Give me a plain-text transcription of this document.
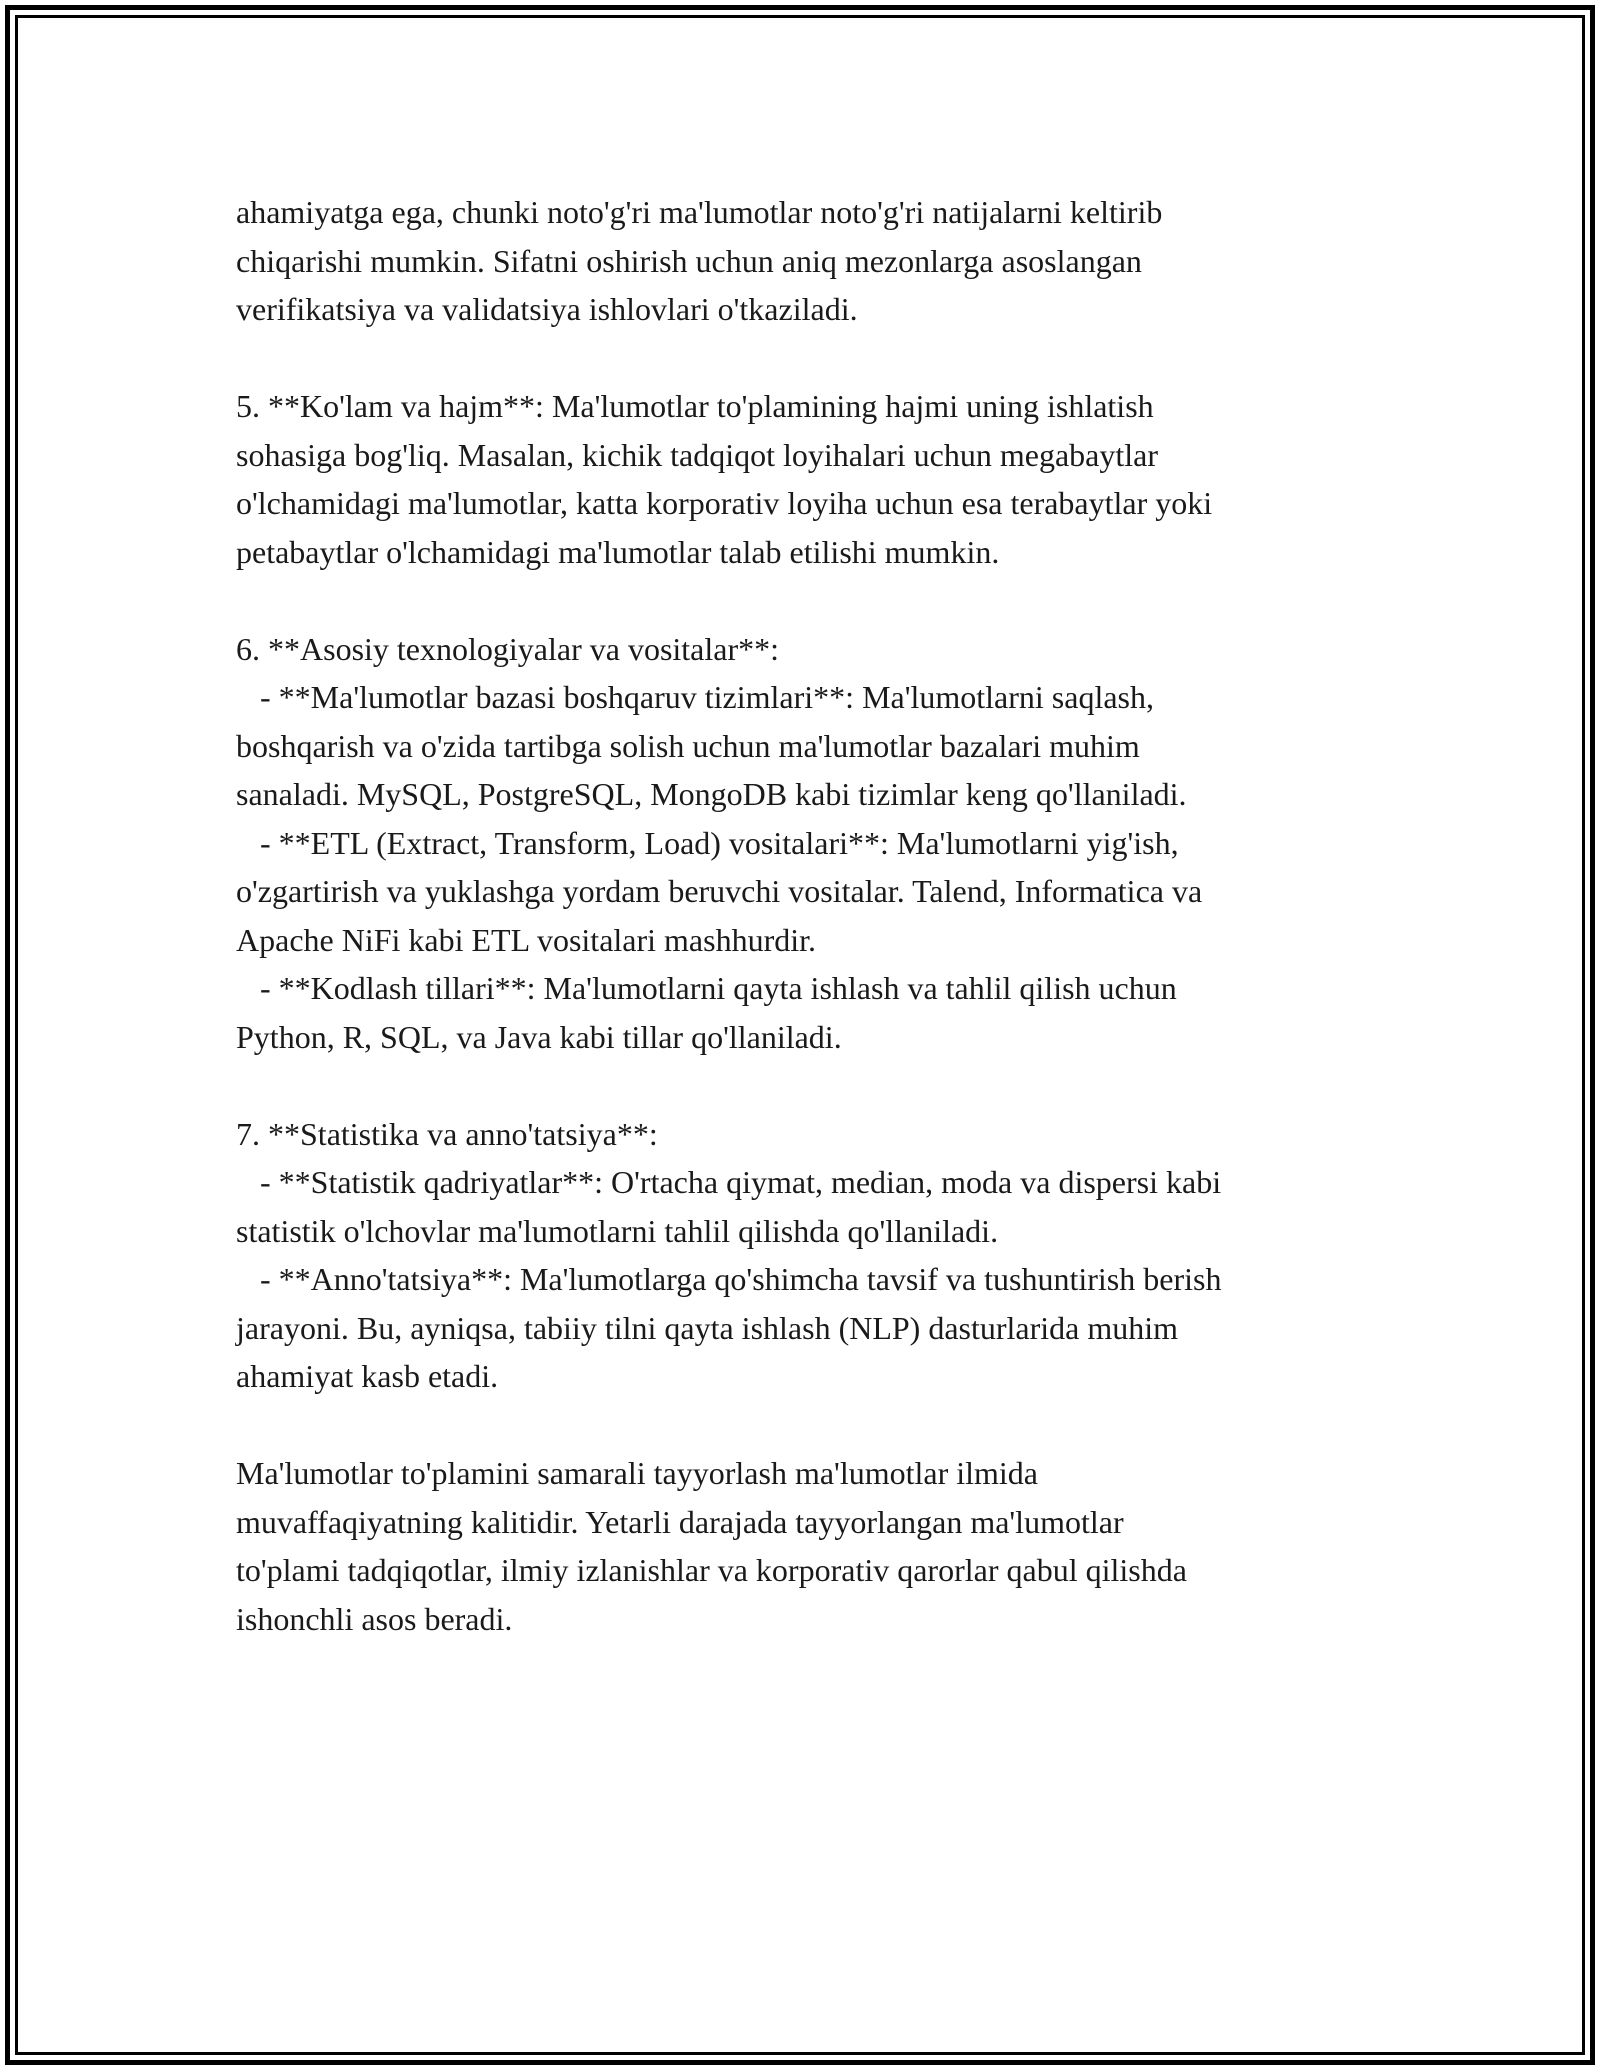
ahamiyatga ega, chunki noto'g'ri ma'lumotlar noto'g'ri natijalarni keltirib
chiqarishi mumkin. Sifatni oshirish uchun aniq mezonlarga asoslangan
verifikatsiya va validatsiya ishlovlari o'tkaziladi.

5. **Ko'lam va hajm**: Ma'lumotlar to'plamining hajmi uning ishlatish
sohasiga bog'liq. Masalan, kichik tadqiqot loyihalari uchun megabaytlar
o'lchamidagi ma'lumotlar, katta korporativ loyiha uchun esa terabaytlar yoki
petabaytlar o'lchamidagi ma'lumotlar talab etilishi mumkin.

6. **Asosiy texnologiyalar va vositalar**:
- **Ma'lumotlar bazasi boshqaruv tizimlari**: Ma'lumotlarni saqlash,
boshqarish va o'zida tartibga solish uchun ma'lumotlar bazalari muhim
sanaladi. MySQL, PostgreSQL, MongoDB kabi tizimlar keng qo'llaniladi.
- **ETL (Extract, Transform, Load) vositalari**: Ma'lumotlarni yig'ish,
o'zgartirish va yuklashga yordam beruvchi vositalar. Talend, Informatica va
Apache NiFi kabi ETL vositalari mashhurdir.
- **Kodlash tillari**: Ma'lumotlarni qayta ishlash va tahlil qilish uchun
Python, R, SQL, va Java kabi tillar qo'llaniladi.

7. **Statistika va anno'tatsiya**:
- **Statistik qadriyatlar**: O'rtacha qiymat, median, moda va dispersi kabi
statistik o'lchovlar ma'lumotlarni tahlil qilishda qo'llaniladi.
- **Anno'tatsiya**: Ma'lumotlarga qo'shimcha tavsif va tushuntirish berish
jarayoni. Bu, ayniqsa, tabiiy tilni qayta ishlash (NLP) dasturlarida muhim
ahamiyat kasb etadi.

Ma'lumotlar to'plamini samarali tayyorlash ma'lumotlar ilmida
muvaffaqiyatning kalitidir. Yetarli darajada tayyorlangan ma'lumotlar
to'plami tadqiqotlar, ilmiy izlanishlar va korporativ qarorlar qabul qilishda
ishonchli asos beradi.
